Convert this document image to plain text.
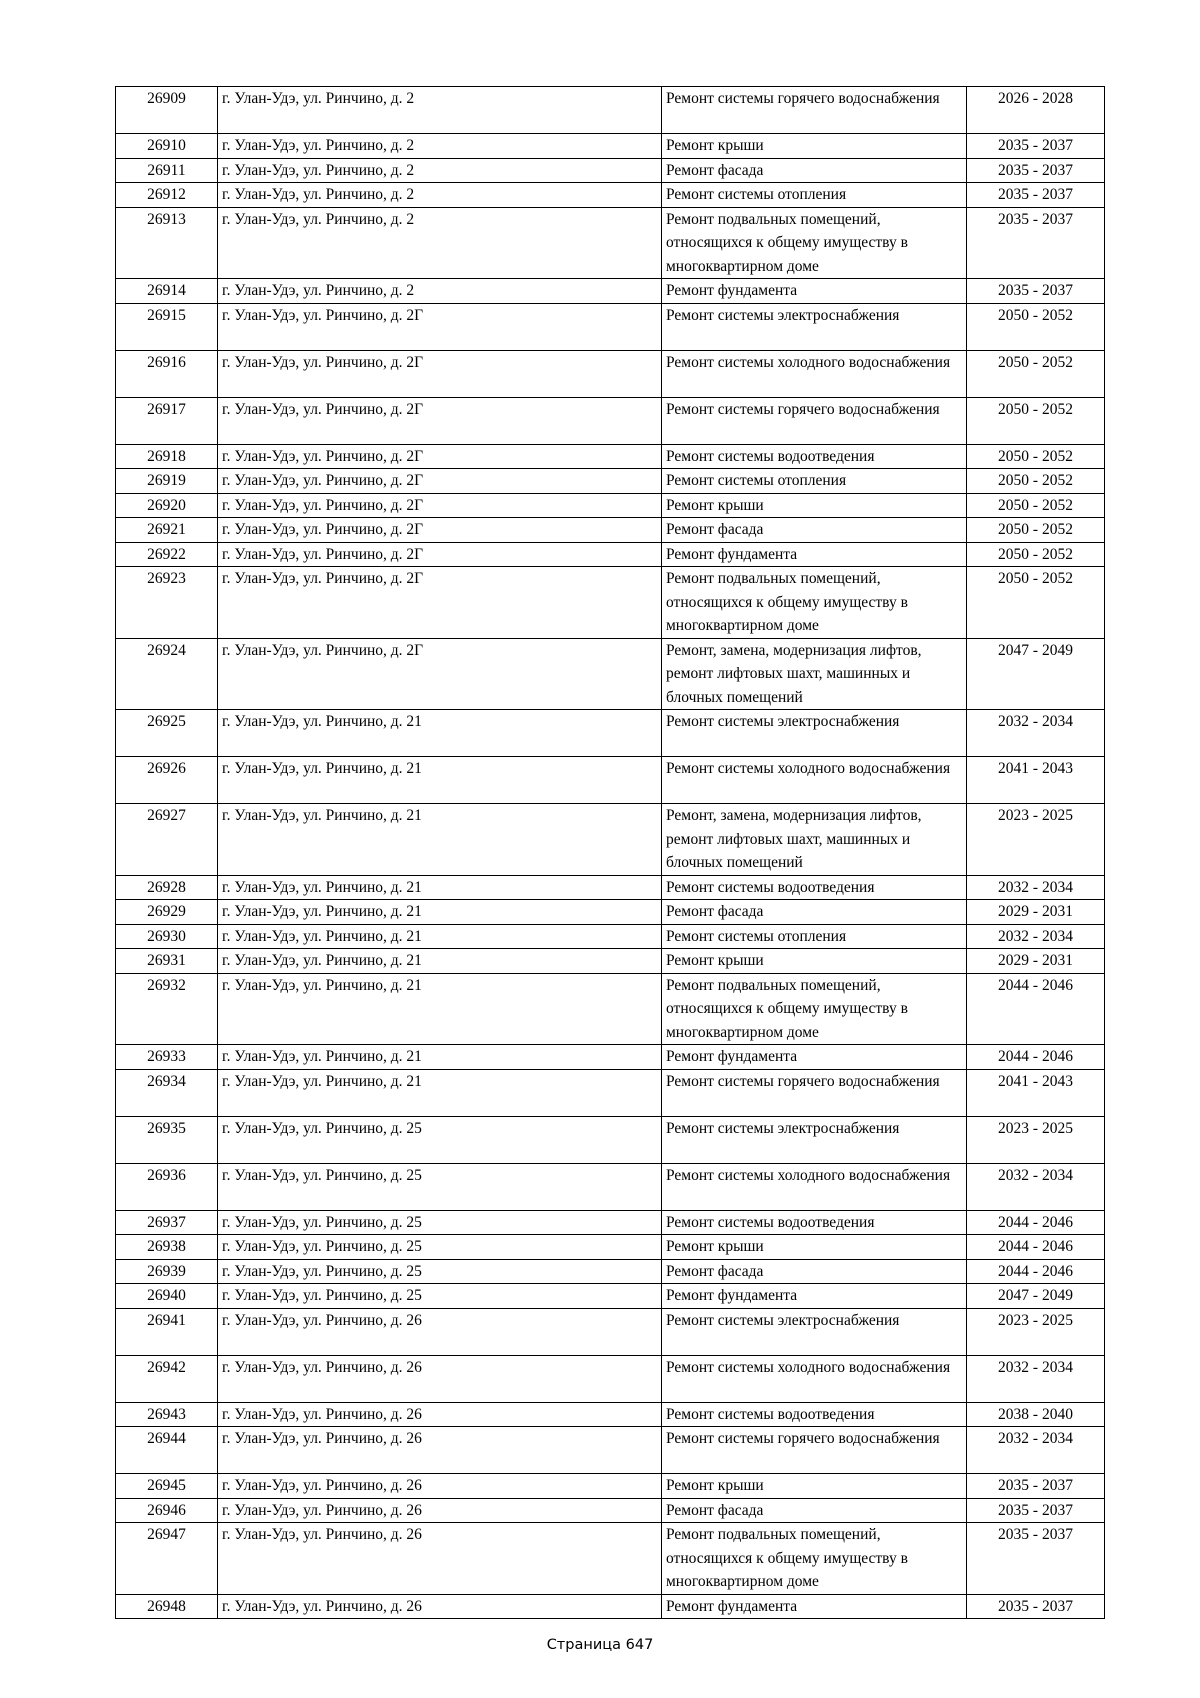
26909	г. Улан-Удэ, ул. Ринчино, д. 2	Ремонт системы горячего водоснабжения	2026 - 2028
26910	г. Улан-Удэ, ул. Ринчино, д. 2	Ремонт крыши	2035 - 2037
26911	г. Улан-Удэ, ул. Ринчино, д. 2	Ремонт фасада	2035 - 2037
26912	г. Улан-Удэ, ул. Ринчино, д. 2	Ремонт системы отопления	2035 - 2037
26913	г. Улан-Удэ, ул. Ринчино, д. 2	Ремонт подвальных помещений, относящихся к общему имуществу в многоквартирном доме	2035 - 2037
26914	г. Улан-Удэ, ул. Ринчино, д. 2	Ремонт фундамента	2035 - 2037
26915	г. Улан-Удэ, ул. Ринчино, д. 2Г	Ремонт системы электроснабжения	2050 - 2052
26916	г. Улан-Удэ, ул. Ринчино, д. 2Г	Ремонт системы холодного водоснабжения	2050 - 2052
26917	г. Улан-Удэ, ул. Ринчино, д. 2Г	Ремонт системы горячего водоснабжения	2050 - 2052
26918	г. Улан-Удэ, ул. Ринчино, д. 2Г	Ремонт системы водоотведения	2050 - 2052
26919	г. Улан-Удэ, ул. Ринчино, д. 2Г	Ремонт системы отопления	2050 - 2052
26920	г. Улан-Удэ, ул. Ринчино, д. 2Г	Ремонт крыши	2050 - 2052
26921	г. Улан-Удэ, ул. Ринчино, д. 2Г	Ремонт фасада	2050 - 2052
26922	г. Улан-Удэ, ул. Ринчино, д. 2Г	Ремонт фундамента	2050 - 2052
26923	г. Улан-Удэ, ул. Ринчино, д. 2Г	Ремонт подвальных помещений, относящихся к общему имуществу в многоквартирном доме	2050 - 2052
26924	г. Улан-Удэ, ул. Ринчино, д. 2Г	Ремонт, замена, модернизация лифтов, ремонт лифтовых шахт, машинных и блочных помещений	2047 - 2049
26925	г. Улан-Удэ, ул. Ринчино, д. 21	Ремонт системы электроснабжения	2032 - 2034
26926	г. Улан-Удэ, ул. Ринчино, д. 21	Ремонт системы холодного водоснабжения	2041 - 2043
26927	г. Улан-Удэ, ул. Ринчино, д. 21	Ремонт, замена, модернизация лифтов, ремонт лифтовых шахт, машинных и блочных помещений	2023 - 2025
26928	г. Улан-Удэ, ул. Ринчино, д. 21	Ремонт системы водоотведения	2032 - 2034
26929	г. Улан-Удэ, ул. Ринчино, д. 21	Ремонт фасада	2029 - 2031
26930	г. Улан-Удэ, ул. Ринчино, д. 21	Ремонт системы отопления	2032 - 2034
26931	г. Улан-Удэ, ул. Ринчино, д. 21	Ремонт крыши	2029 - 2031
26932	г. Улан-Удэ, ул. Ринчино, д. 21	Ремонт подвальных помещений, относящихся к общему имуществу в многоквартирном доме	2044 - 2046
26933	г. Улан-Удэ, ул. Ринчино, д. 21	Ремонт фундамента	2044 - 2046
26934	г. Улан-Удэ, ул. Ринчино, д. 21	Ремонт системы горячего водоснабжения	2041 - 2043
26935	г. Улан-Удэ, ул. Ринчино, д. 25	Ремонт системы электроснабжения	2023 - 2025
26936	г. Улан-Удэ, ул. Ринчино, д. 25	Ремонт системы холодного водоснабжения	2032 - 2034
26937	г. Улан-Удэ, ул. Ринчино, д. 25	Ремонт системы водоотведения	2044 - 2046
26938	г. Улан-Удэ, ул. Ринчино, д. 25	Ремонт крыши	2044 - 2046
26939	г. Улан-Удэ, ул. Ринчино, д. 25	Ремонт фасада	2044 - 2046
26940	г. Улан-Удэ, ул. Ринчино, д. 25	Ремонт фундамента	2047 - 2049
26941	г. Улан-Удэ, ул. Ринчино, д. 26	Ремонт системы электроснабжения	2023 - 2025
26942	г. Улан-Удэ, ул. Ринчино, д. 26	Ремонт системы холодного водоснабжения	2032 - 2034
26943	г. Улан-Удэ, ул. Ринчино, д. 26	Ремонт системы водоотведения	2038 - 2040
26944	г. Улан-Удэ, ул. Ринчино, д. 26	Ремонт системы горячего водоснабжения	2032 - 2034
26945	г. Улан-Удэ, ул. Ринчино, д. 26	Ремонт крыши	2035 - 2037
26946	г. Улан-Удэ, ул. Ринчино, д. 26	Ремонт фасада	2035 - 2037
26947	г. Улан-Удэ, ул. Ринчино, д. 26	Ремонт подвальных помещений, относящихся к общему имуществу в многоквартирном доме	2035 - 2037
26948	г. Улан-Удэ, ул. Ринчино, д. 26	Ремонт фундамента	2035 - 2037
Страница 647
